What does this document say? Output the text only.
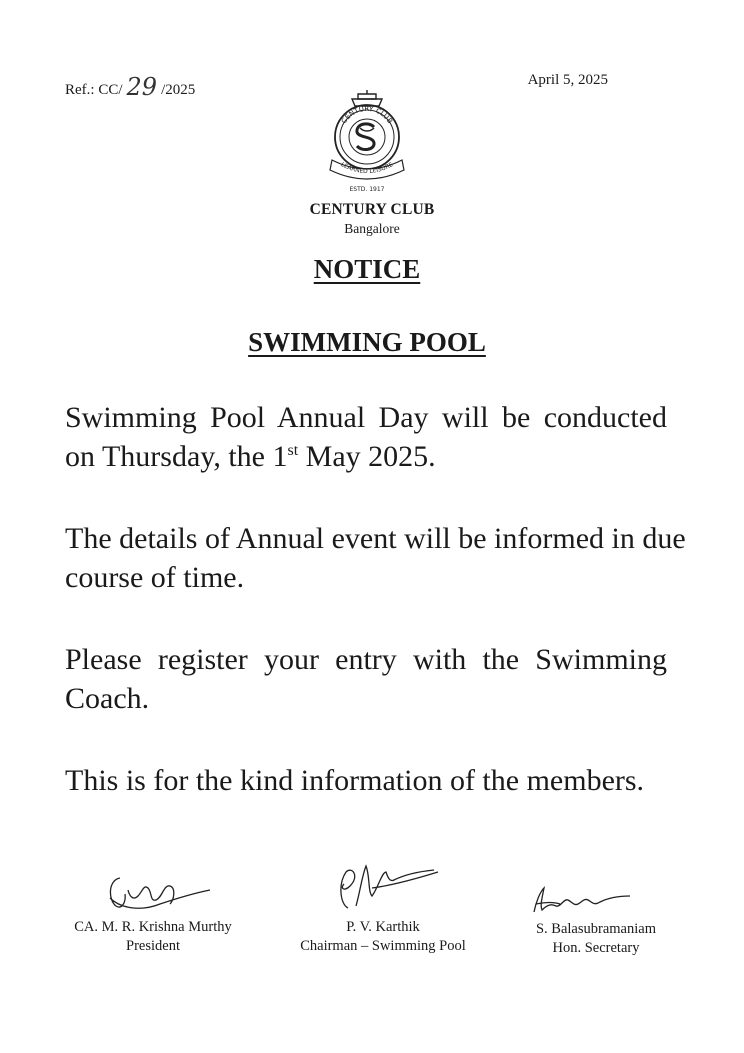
Ref.: CC/ 29 /2025
April 5, 2025
CENTURY CLUB
LEARNED LEISURE
ESTD. 1917
CENTURY CLUB
Bangalore
NOTICE
SWIMMING POOL
Swimming Pool Annual Day will be conducted on Thursday, the 1st May 2025.
The details of Annual event will be informed in due course of time.
Please register your entry with the Swimming Coach.
This is for the kind information of the members.
CA. M. R. Krishna Murthy
President
P. V. Karthik
Chairman – Swimming Pool
S. Balasubramaniam
Hon. Secretary
